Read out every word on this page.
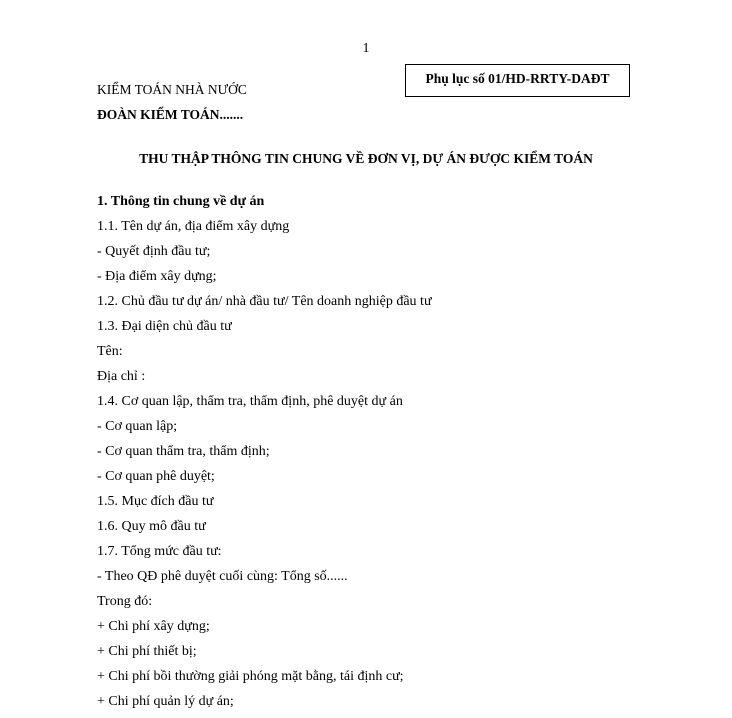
1
KIỂM TOÁN NHÀ NƯỚC
ĐOÀN KIỂM TOÁN.......
Phụ lục số 01/HD-RRTY-DAĐT
THU THẬP THÔNG TIN CHUNG VỀ ĐƠN VỊ, DỰ ÁN ĐƯỢC KIỂM TOÁN
1. Thông tin chung về dự án
1.1. Tên dự án, địa điểm xây dựng
- Quyết định đầu tư;
- Địa điểm xây dựng;
1.2. Chủ đầu tư dự án/ nhà đầu tư/ Tên doanh nghiệp đầu tư
1.3. Đại diện chủ đầu tư
Tên:
Địa chỉ :
1.4. Cơ quan lập, thẩm tra, thẩm định, phê duyệt dự án
- Cơ quan lập;
- Cơ quan thẩm tra, thẩm định;
- Cơ quan phê duyệt;
1.5. Mục đích đầu tư
1.6. Quy mô đầu tư
1.7. Tổng mức đầu tư:
- Theo QĐ phê duyệt cuối cùng: Tổng số......
Trong đó:
+ Chi phí xây dựng;
+ Chi phí thiết bị;
+ Chi phí bồi thường giải phóng mặt bằng, tái định cư;
+ Chi phí quản lý dự án;
